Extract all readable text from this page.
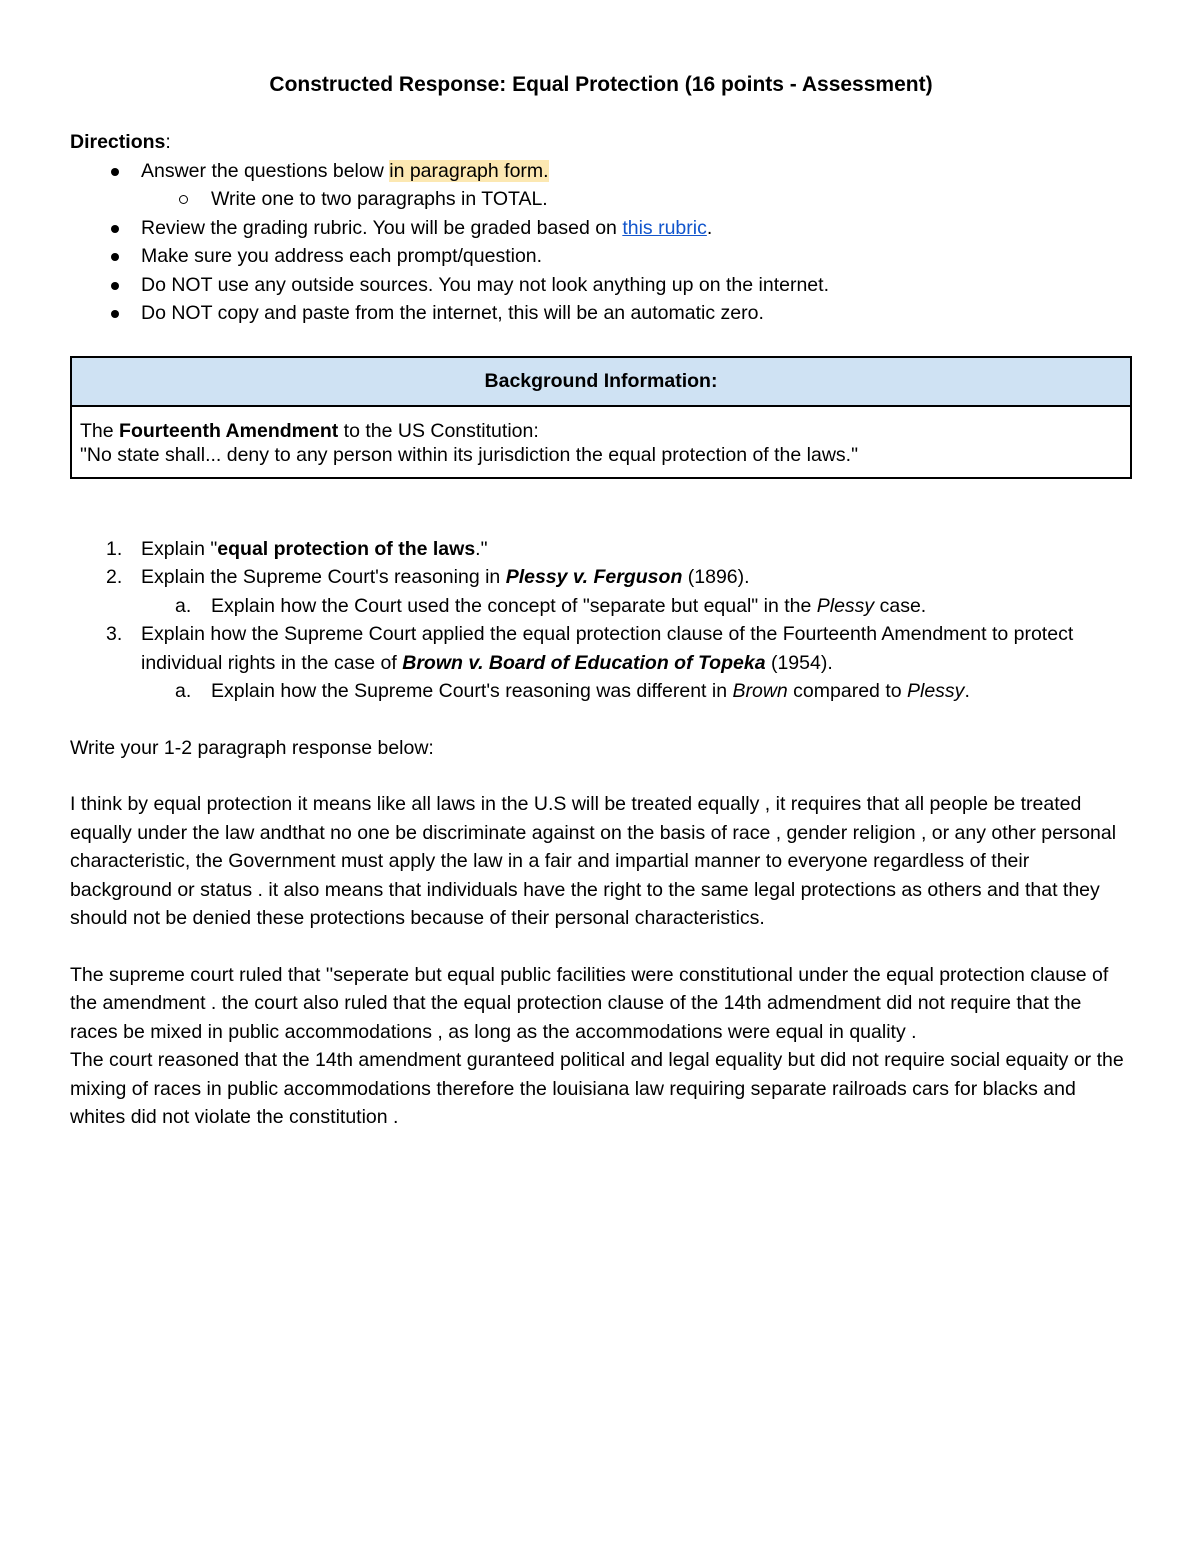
Constructed Response: Equal Protection (16 points - Assessment)

Directions:

Answer the questions below in paragraph form.
Write one to two paragraphs in TOTAL.
Review the grading rubric. You will be graded based on this rubric.
Make sure you address each prompt/question.
Do NOT use any outside sources. You may not look anything up on the internet.
Do NOT copy and paste from the internet, this will be an automatic zero.
Background Information:
The Fourteenth Amendment to the US Constitution:
"No state shall... deny to any person within its jurisdiction the equal protection of the laws."
1. Explain "equal protection of the laws."
2. Explain the Supreme Court's reasoning in Plessy v. Ferguson (1896).
a. Explain how the Court used the concept of "separate but equal" in the Plessy case.
3. Explain how the Supreme Court applied the equal protection clause of the Fourteenth Amendment to protect individual rights in the case of Brown v. Board of Education of Topeka (1954).
a. Explain how the Supreme Court's reasoning was different in Brown compared to Plessy.

Write your 1-2 paragraph response below:

I think by equal protection it means like all laws in the U.S will be treated equally , it requires that all people be treated equally under the law andthat no one be discriminate against on the basis of race , gender religion , or any other personal characteristic, the Government must apply the law in a fair and impartial manner to everyone regardless of their background or status . it also means that individuals have the right to the same legal protections as others and that they should not be denied these protections because of their personal characteristics.

The supreme court ruled that ''seperate but equal public facilities were constitutional under the equal protection clause of the amendment . the court also ruled that the equal protection clause of the 14th admendment did not require that the races be mixed in public accommodations , as long as the accommodations were equal in quality .

The court reasoned that the 14th amendment guranteed political and legal equality but did not require social equaity or the mixing of races in public accommodations therefore the louisiana law requiring separate railroads cars for blacks and whites did not violate the constitution .
